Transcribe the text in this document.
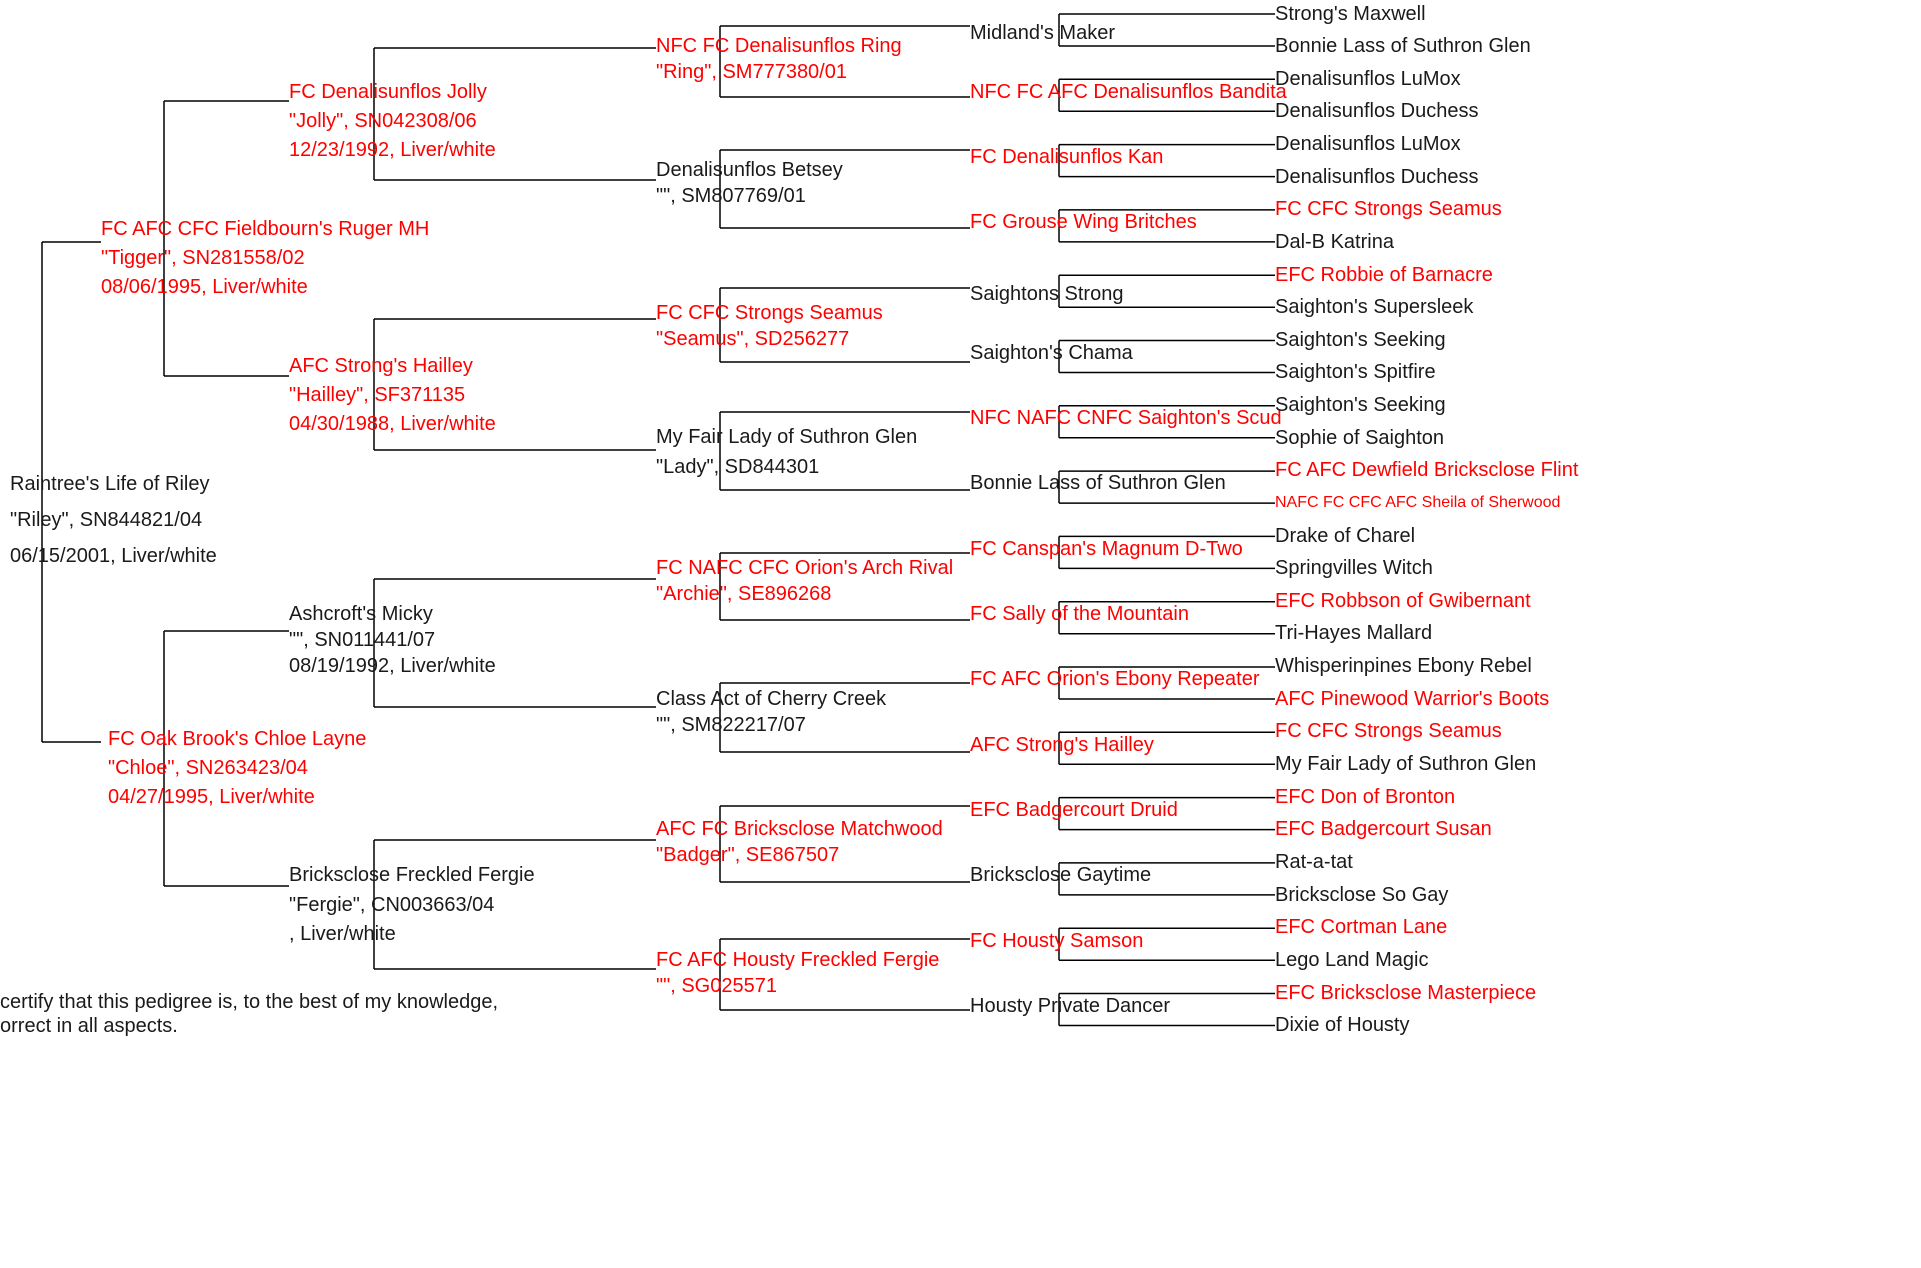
Raintree's Life of Riley
"Riley", SN844821/04
06/15/2001, Liver/white
FC AFC CFC Fieldbourn's Ruger MH
"Tigger", SN281558/02
08/06/1995, Liver/white
FC Oak Brook's Chloe Layne
"Chloe", SN263423/04
04/27/1995, Liver/white
FC Denalisunflos Jolly
"Jolly", SN042308/06
12/23/1992, Liver/white
AFC Strong's Hailley
"Hailley", SF371135
04/30/1988, Liver/white
Ashcroft's Micky
"", SN011441/07
08/19/1992, Liver/white
Bricksclose Freckled Fergie
"Fergie", CN003663/04
, Liver/white
NFC FC Denalisunflos Ring
"Ring", SM777380/01
Denalisunflos Betsey
"", SM807769/01
FC CFC Strongs Seamus
"Seamus", SD256277
My Fair Lady of Suthron Glen
"Lady", SD844301
FC NAFC CFC Orion's Arch Rival
"Archie", SE896268
Class Act of Cherry Creek
"", SM822217/07
AFC FC Bricksclose Matchwood
"Badger", SE867507
FC AFC Housty Freckled Fergie
"", SG025571
Midland's Maker
NFC FC AFC Denalisunflos Bandita
FC Denalisunflos Kan
FC Grouse Wing Britches
Saightons Strong
Saighton's Chama
NFC NAFC CNFC Saighton's Scud
Bonnie Lass of Suthron Glen
FC Canspan's Magnum D-Two
FC Sally of the Mountain
FC AFC Orion's Ebony Repeater
AFC Strong's Hailley
EFC Badgercourt Druid
Bricksclose Gaytime
FC Housty Samson
Housty Private Dancer
Strong's Maxwell
Bonnie Lass of Suthron Glen
Denalisunflos LuMox
Denalisunflos Duchess
Denalisunflos LuMox
Denalisunflos Duchess
FC CFC Strongs Seamus
Dal-B Katrina
EFC Robbie of Barnacre
Saighton's Supersleek
Saighton's Seeking
Saighton's Spitfire
Saighton's Seeking
Sophie of Saighton
FC AFC Dewfield Bricksclose Flint
NAFC FC CFC AFC Sheila of Sherwood
Drake of Charel
Springvilles Witch
EFC Robbson of Gwibernant
Tri-Hayes Mallard
Whisperinpines Ebony Rebel
AFC Pinewood Warrior's Boots
FC CFC Strongs Seamus
My Fair Lady of Suthron Glen
EFC Don of Bronton
EFC Badgercourt Susan
Rat-a-tat
Bricksclose So Gay
EFC Cortman Lane
Lego Land Magic
EFC Bricksclose Masterpiece
Dixie of Housty
certify that this pedigree is, to the best of my knowledge,
orrect in all aspects.
